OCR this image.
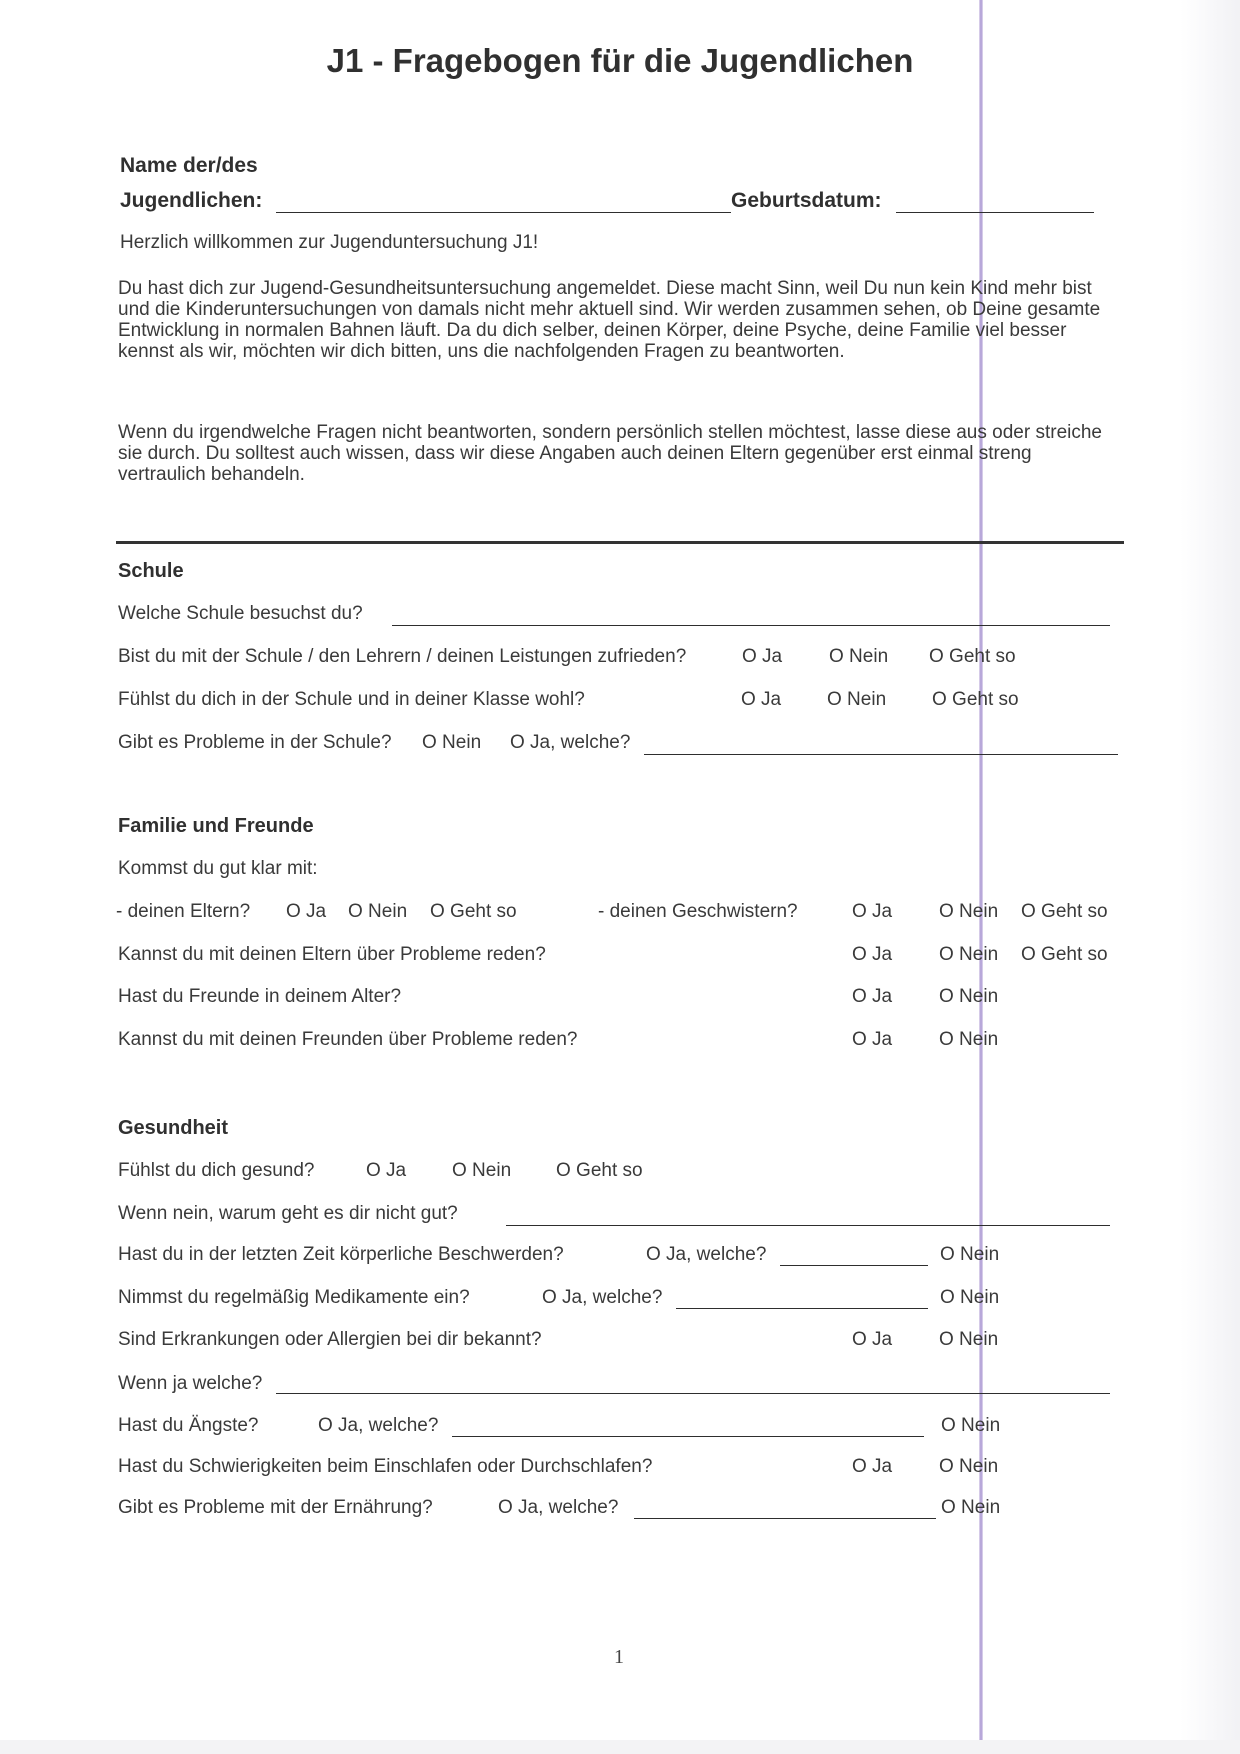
J1 - Fragebogen für die Jugendlichen
Name der/des
Jugendlichen:	Geburtsdatum:
Herzlich willkommen zur Jugenduntersuchung J1!
Du hast dich zur Jugend-Gesundheitsuntersuchung angemeldet. Diese macht Sinn, weil Du nun kein Kind mehr bist und die Kinderuntersuchungen von damals nicht mehr aktuell sind. Wir werden zusammen sehen, ob Deine gesamte Entwicklung in normalen Bahnen läuft. Da du dich selber, deinen Körper, deine Psyche, deine Familie viel besser kennst als wir, möchten wir dich bitten, uns die nachfolgenden Fragen zu beantworten.
Wenn du irgendwelche Fragen nicht beantworten, sondern persönlich stellen möchtest, lasse diese aus oder streiche sie durch. Du solltest auch wissen, dass wir diese Angaben auch deinen Eltern gegenüber erst einmal streng vertraulich behandeln.
Schule
Welche Schule besuchst du?
Bist du mit der Schule / den Lehrern / deinen Leistungen zufrieden?	O Ja O Nein O Geht so
Fühlst du dich in der Schule und in deiner Klasse wohl?	O Ja O Nein O Geht so
Gibt es Probleme in der Schule? O Nein O Ja, welche?
Familie und Freunde
Kommst du gut klar mit:
- deinen Eltern? O Ja O Nein O Geht so	- deinen Geschwistern?	O Ja O Nein O Geht so
Kannst du mit deinen Eltern über Probleme reden?	O Ja O Nein O Geht so
Hast du Freunde in deinem Alter?	O Ja O Nein
Kannst du mit deinen Freunden über Probleme reden?	O Ja O Nein
Gesundheit
Fühlst du dich gesund?	O Ja O Nein O Geht so
Wenn nein, warum geht es dir nicht gut?
Hast du in der letzten Zeit körperliche Beschwerden?	O Ja, welche?	O Nein
Nimmst du regelmäßig Medikamente ein?	O Ja, welche?	O Nein
Sind Erkrankungen oder Allergien bei dir bekannt?	O Ja O Nein
Wenn ja welche?
Hast du Ängste?	O Ja, welche?	O Nein
Hast du Schwierigkeiten beim Einschlafen oder Durchschlafen?	O Ja O Nein
Gibt es Probleme mit der Ernährung?	O Ja, welche?	O Nein
1
